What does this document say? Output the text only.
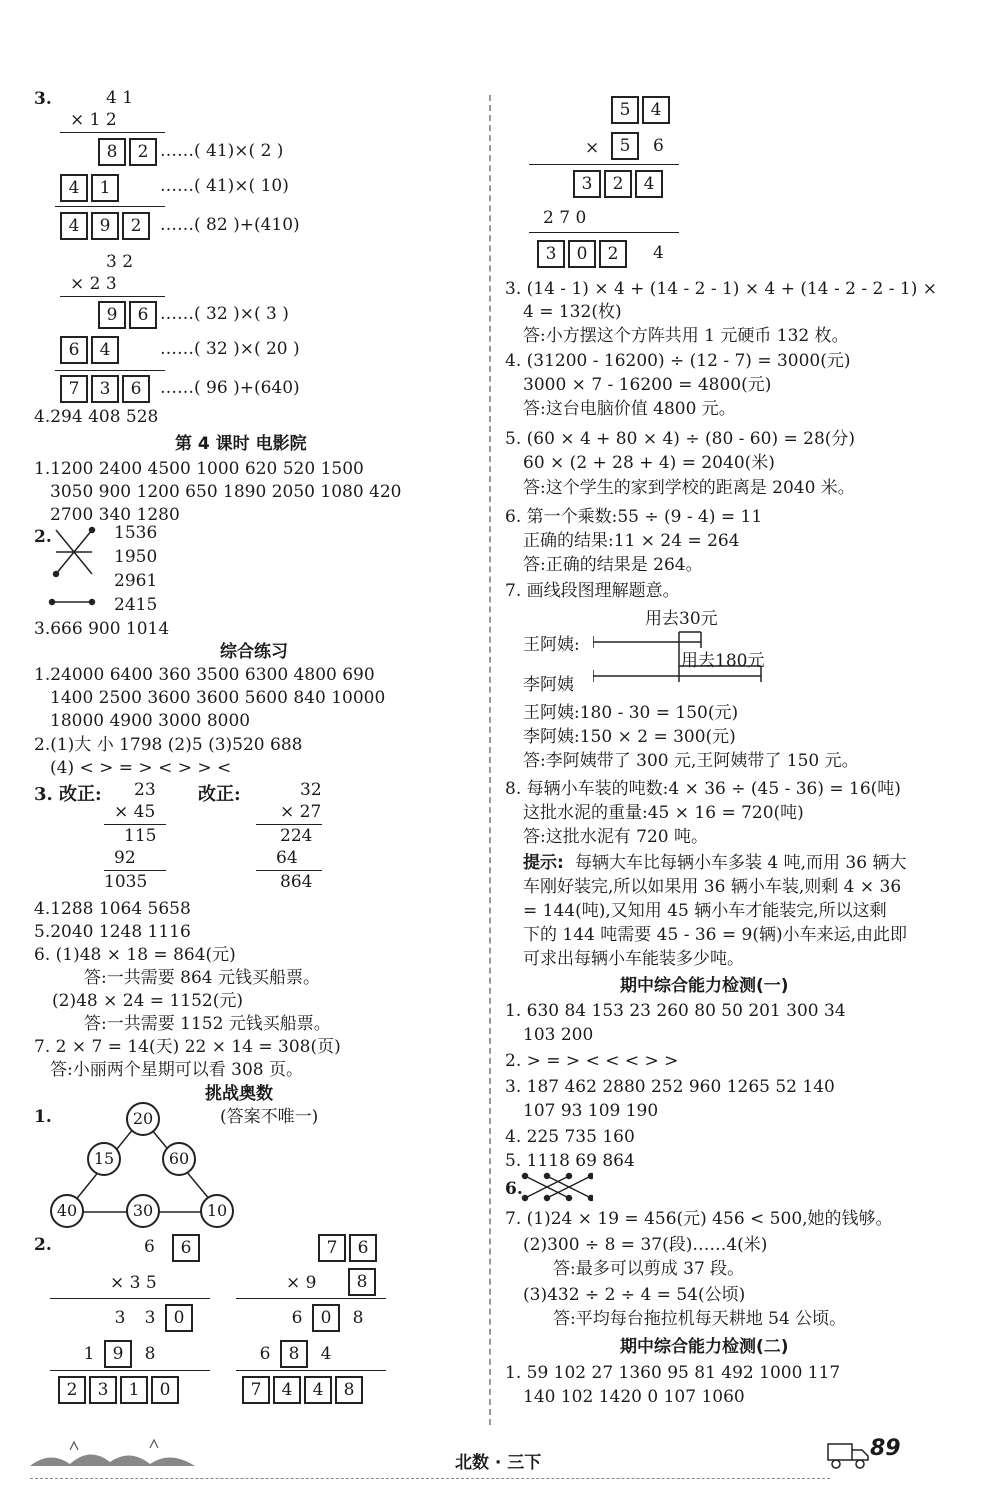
3.	4 1
× 1 2
8 2 ……( 41)×( 2 )
4 1	……( 41)×( 10)
4 9 2	……( 82 )+(410)
3 2
× 2 3
9 6 ……( 32 )×( 3 )
6 4	……( 32 )×( 20 )
7 3 6	……( 96 )+(640)
4.294 408 528
第 4 课时 电影院
1.1200 2400 4500 1000 620 520 1500
3050 900 1200 650 1890 2050 1080 420
2700 340 1280
2.	1536
1950
2961
2415
3.666 900 1014
综合练习
1.24000 6400 360 3500 6300 4800 690
1400 2500 3600 3600 5600 840 10000
18000 4900 3000 8000
2.(1)大 小 1798 (2)5 (3)520 688
(4) < > = > < > > <
3. 改正:	改正:
23
× 45
115
92
1035
32
× 27
224
64
864
4.1288 1064 5658
5.2040 1248 1116
6. (1)48 × 18 = 864(元)
答:一共需要 864 元钱买船票。
(2)48 × 24 = 1152(元)
答:一共需要 1152 元钱买船票。
7. 2 × 7 = 14(天) 22 × 14 = 308(页)
答:小丽两个星期可以看 308 页。
挑战奥数
1.	(答案不唯一)
20
15	60
40	30	10
2.	6	6
× 3 5
3 3 0
1 9 8
2 3 1 0
7 6
× 9	8
6 0 8
6 8 4
7 4 4 8
5 4
×	5	6
3 2 4
2 7 0
3 0 2	4
3. (14 - 1) × 4 + (14 - 2 - 1) × 4 + (14 - 2 - 2 - 1) ×
4 = 132(枚)
答:小方摆这个方阵共用 1 元硬币 132 枚。
4. (31200 - 16200) ÷ (12 - 7) = 3000(元)
3000 × 7 - 16200 = 4800(元)
答:这台电脑价值 4800 元。
5. (60 × 4 + 80 × 4) ÷ (80 - 60) = 28(分)
60 × (2 + 28 + 4) = 2040(米)
答:这个学生的家到学校的距离是 2040 米。
6. 第一个乘数:55 ÷ (9 - 4) = 11
正确的结果:11 × 24 = 264
答:正确的结果是 264。
7. 画线段图理解题意。
用去30元
王阿姨:
用去180元
李阿姨
王阿姨:180 - 30 = 150(元)
李阿姨:150 × 2 = 300(元)
答:李阿姨带了 300 元,王阿姨带了 150 元。
8. 每辆小车装的吨数:4 × 36 ÷ (45 - 36) = 16(吨)
这批水泥的重量:45 × 16 = 720(吨)
答:这批水泥有 720 吨。
提示: 每辆大车比每辆小车多装 4 吨,而用 36 辆大
车刚好装完,所以如果用 36 辆小车装,则剩 4 × 36
= 144(吨),又知用 45 辆小车才能装完,所以这剩
下的 144 吨需要 45 - 36 = 9(辆)小车来运,由此即
可求出每辆小车能装多少吨。
期中综合能力检测(一)
1. 630 84 153 23 260 80 50 201 300 34
103 200
2. > = > < < < > >
3. 187 462 2880 252 960 1265 52 140
107 93 109 190
4. 225 735 160
5. 1118 69 864
6.
7. (1)24 × 19 = 456(元) 456 < 500,她的钱够。
(2)300 ÷ 8 = 37(段)……4(米)
答:最多可以剪成 37 段。
(3)432 ÷ 2 ÷ 4 = 54(公顷)
答:平均每台拖拉机每天耕地 54 公顷。
期中综合能力检测(二)
1. 59 102 27 1360 95 81 492 1000 117
140 102 1420 0 107 1060
北数 · 三下
89
